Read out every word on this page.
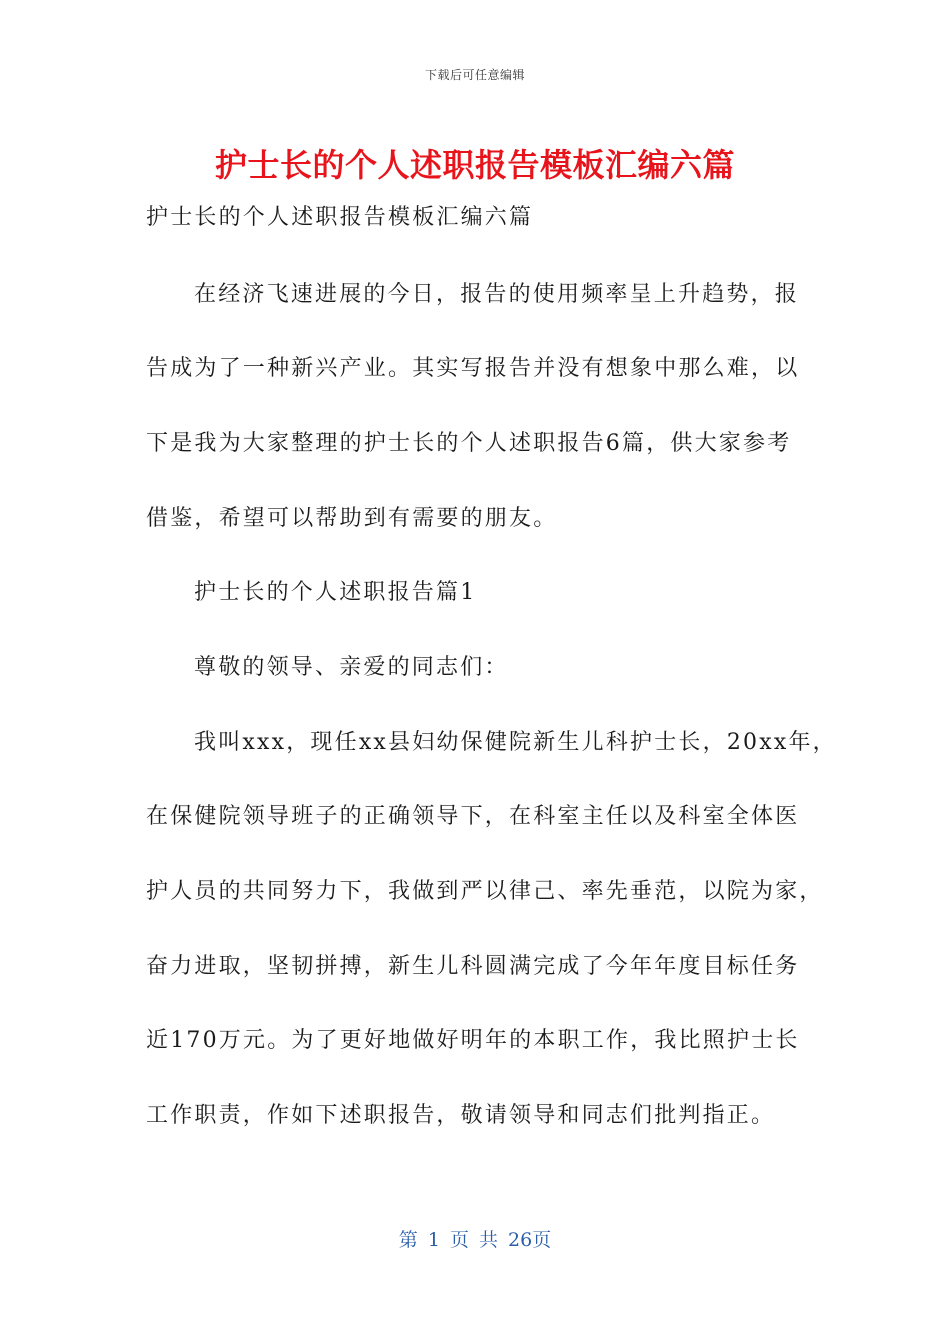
下载后可任意编辑
护士长的个人述职报告模板汇编六篇
护士长的个人述职报告模板汇编六篇
在经济飞速进展的今日，报告的使用频率呈上升趋势，报
告成为了一种新兴产业。其实写报告并没有想象中那么难，以
下是我为大家整理的护士长的个人述职报告6篇，供大家参考
借鉴，希望可以帮助到有需要的朋友。
护士长的个人述职报告篇1
尊敬的领导、亲爱的同志们：
我叫xxx，现任xx县妇幼保健院新生儿科护士长，20xx年，
在保健院领导班子的正确领导下，在科室主任以及科室全体医
护人员的共同努力下，我做到严以律己、率先垂范，以院为家，
奋力进取，坚韧拼搏，新生儿科圆满完成了今年年度目标任务
近170万元。为了更好地做好明年的本职工作，我比照护士长
工作职责，作如下述职报告，敬请领导和同志们批判指正。
第 1 页 共 26页
